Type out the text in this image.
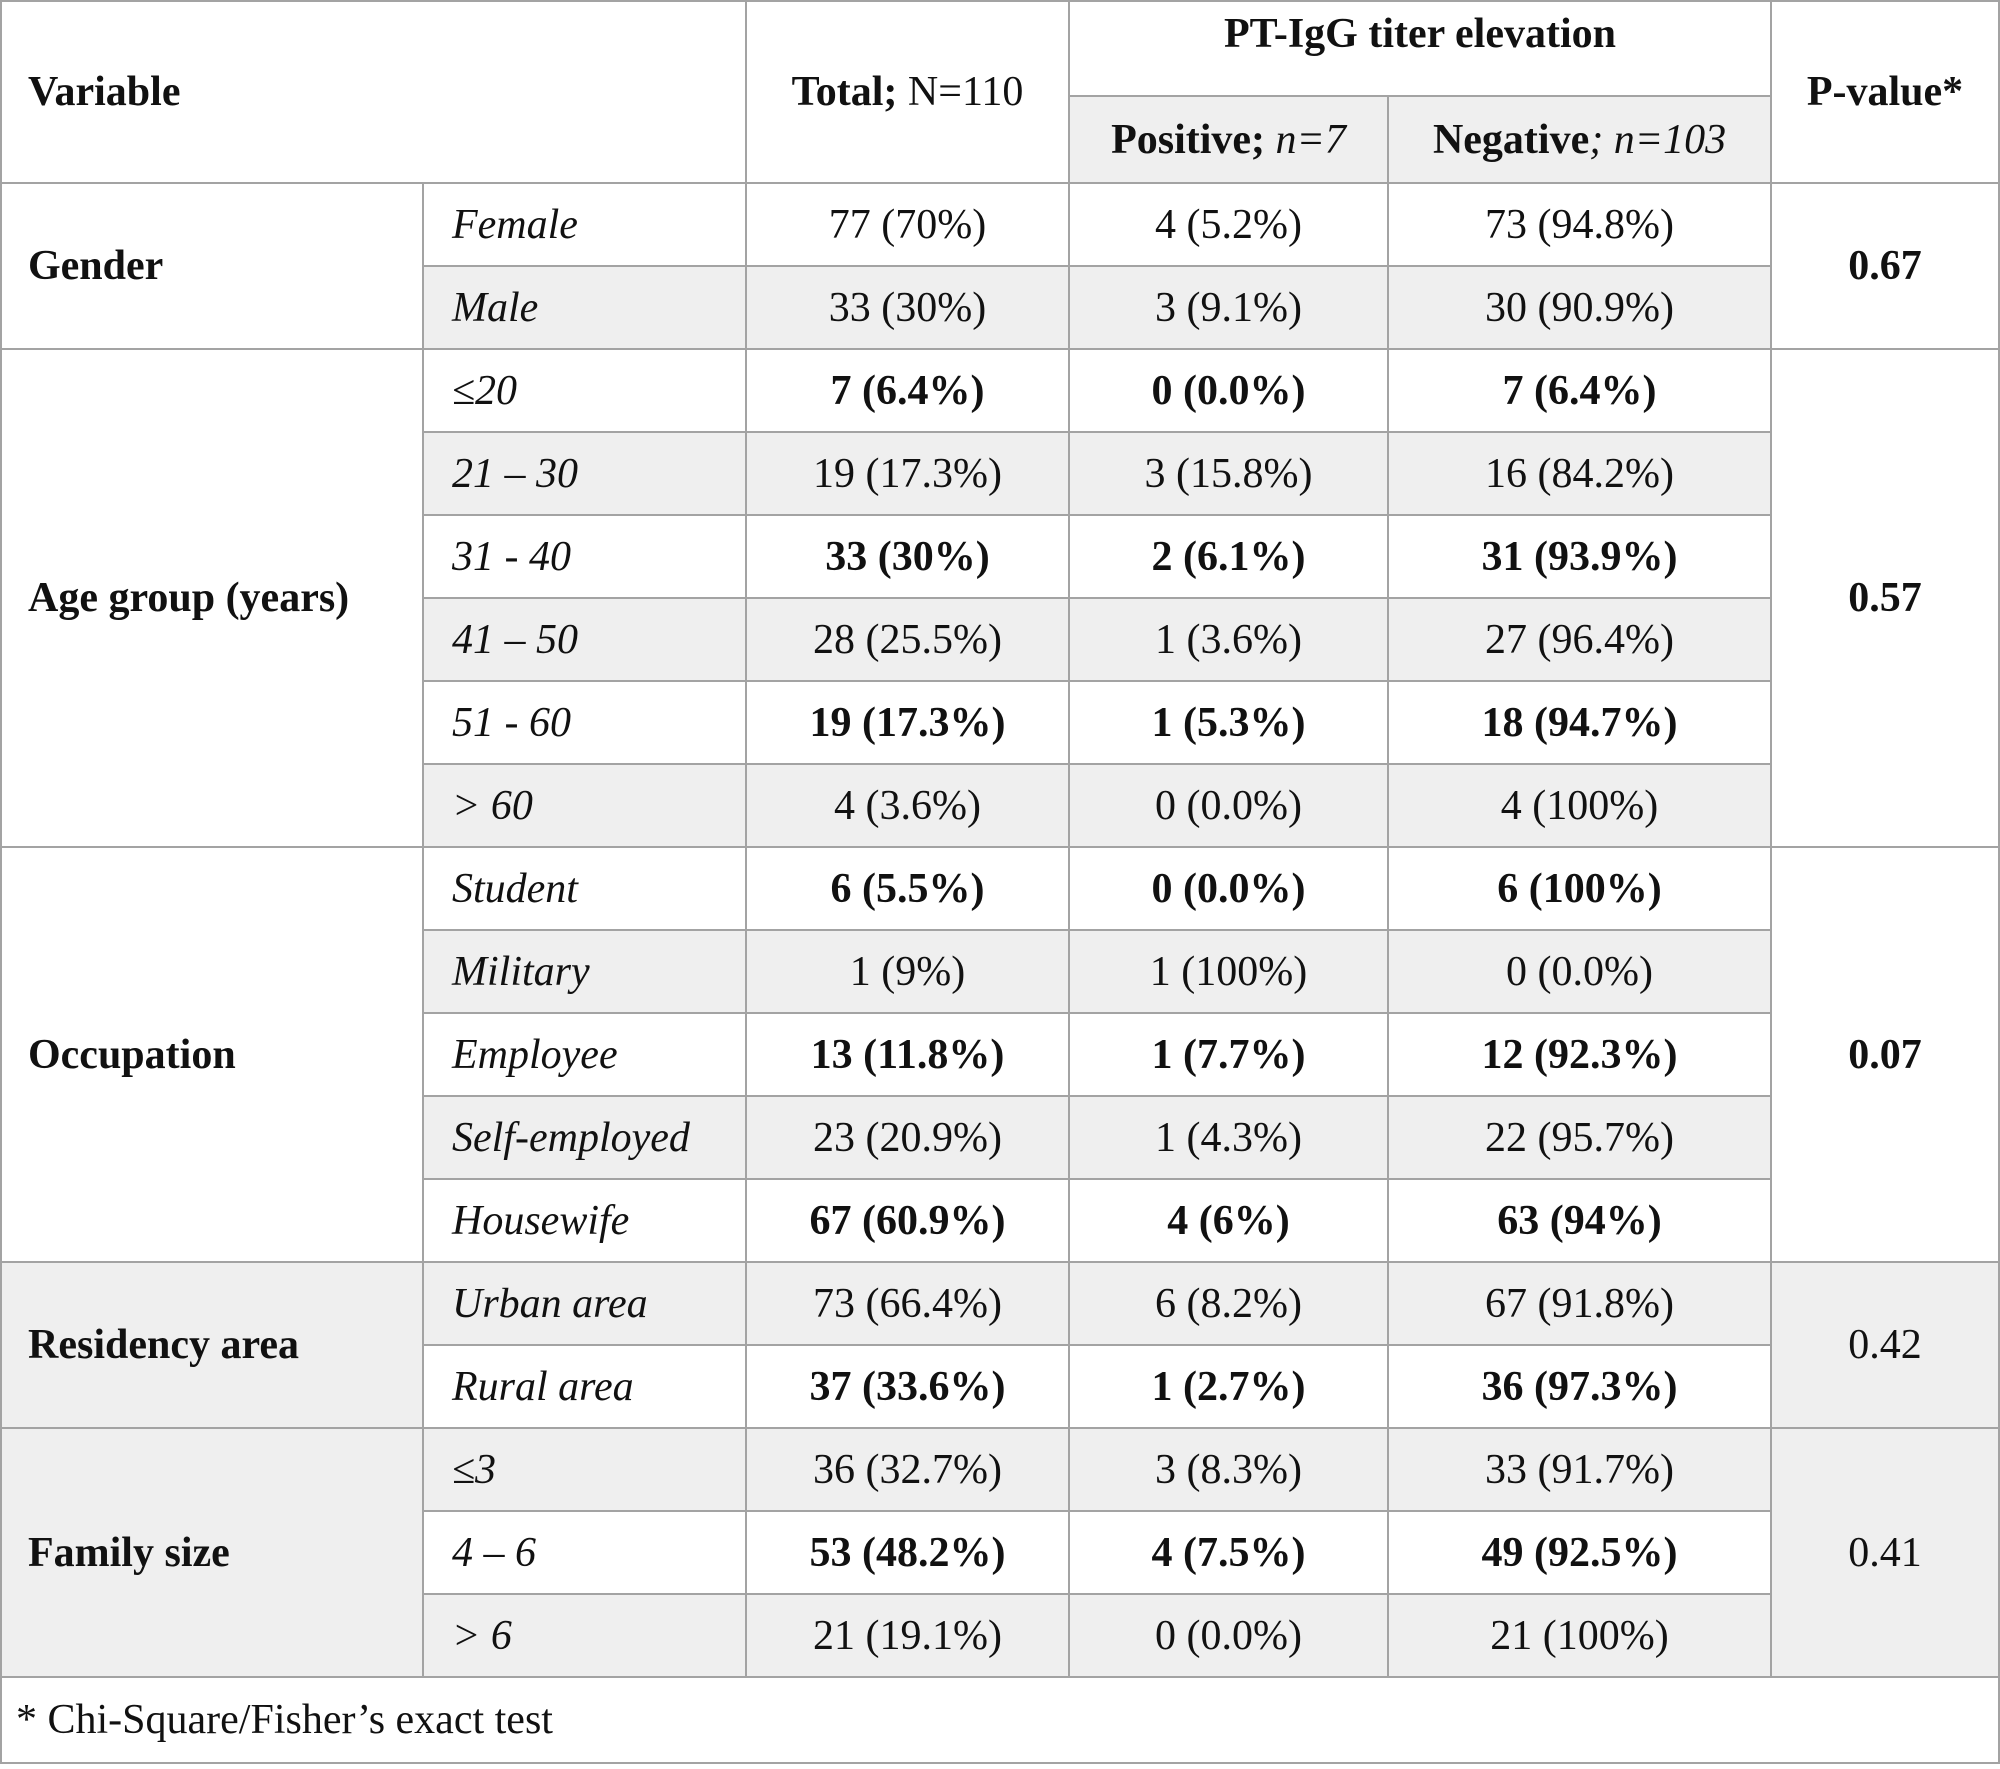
Variable		Total; N=110	PT-IgG titer elevation		P-value*
			Positive; n=7	Negative; n=103	
Gender	Female	77 (70%)	4 (5.2%)	73 (94.8%)	0.67
	Male	33 (30%)	3 (9.1%)	30 (90.9%)	
Age group (years)	≤20	7 (6.4%)	0 (0.0%)	7 (6.4%)	0.57
	21 – 30	19 (17.3%)	3 (15.8%)	16 (84.2%)	
	31 - 40	33 (30%)	2 (6.1%)	31 (93.9%)	
	41 – 50	28 (25.5%)	1 (3.6%)	27 (96.4%)	
	51 - 60	19 (17.3%)	1 (5.3%)	18 (94.7%)	
	> 60	4 (3.6%)	0 (0.0%)	4 (100%)	
Occupation	Student	6 (5.5%)	0 (0.0%)	6 (100%)	0.07
	Military	1 (9%)	1 (100%)	0 (0.0%)	
	Employee	13 (11.8%)	1 (7.7%)	12 (92.3%)	
	Self-employed	23 (20.9%)	1 (4.3%)	22 (95.7%)	
	Housewife	67 (60.9%)	4 (6%)	63 (94%)	
Residency area	Urban area	73 (66.4%)	6 (8.2%)	67 (91.8%)	0.42
	Rural area	37 (33.6%)	1 (2.7%)	36 (97.3%)	
Family size	≤3	36 (32.7%)	3 (8.3%)	33 (91.7%)	0.41
	4 – 6	53 (48.2%)	4 (7.5%)	49 (92.5%)	
	> 6	21 (19.1%)	0 (0.0%)	21 (100%)	
* Chi-Square/Fisher’s exact test					
